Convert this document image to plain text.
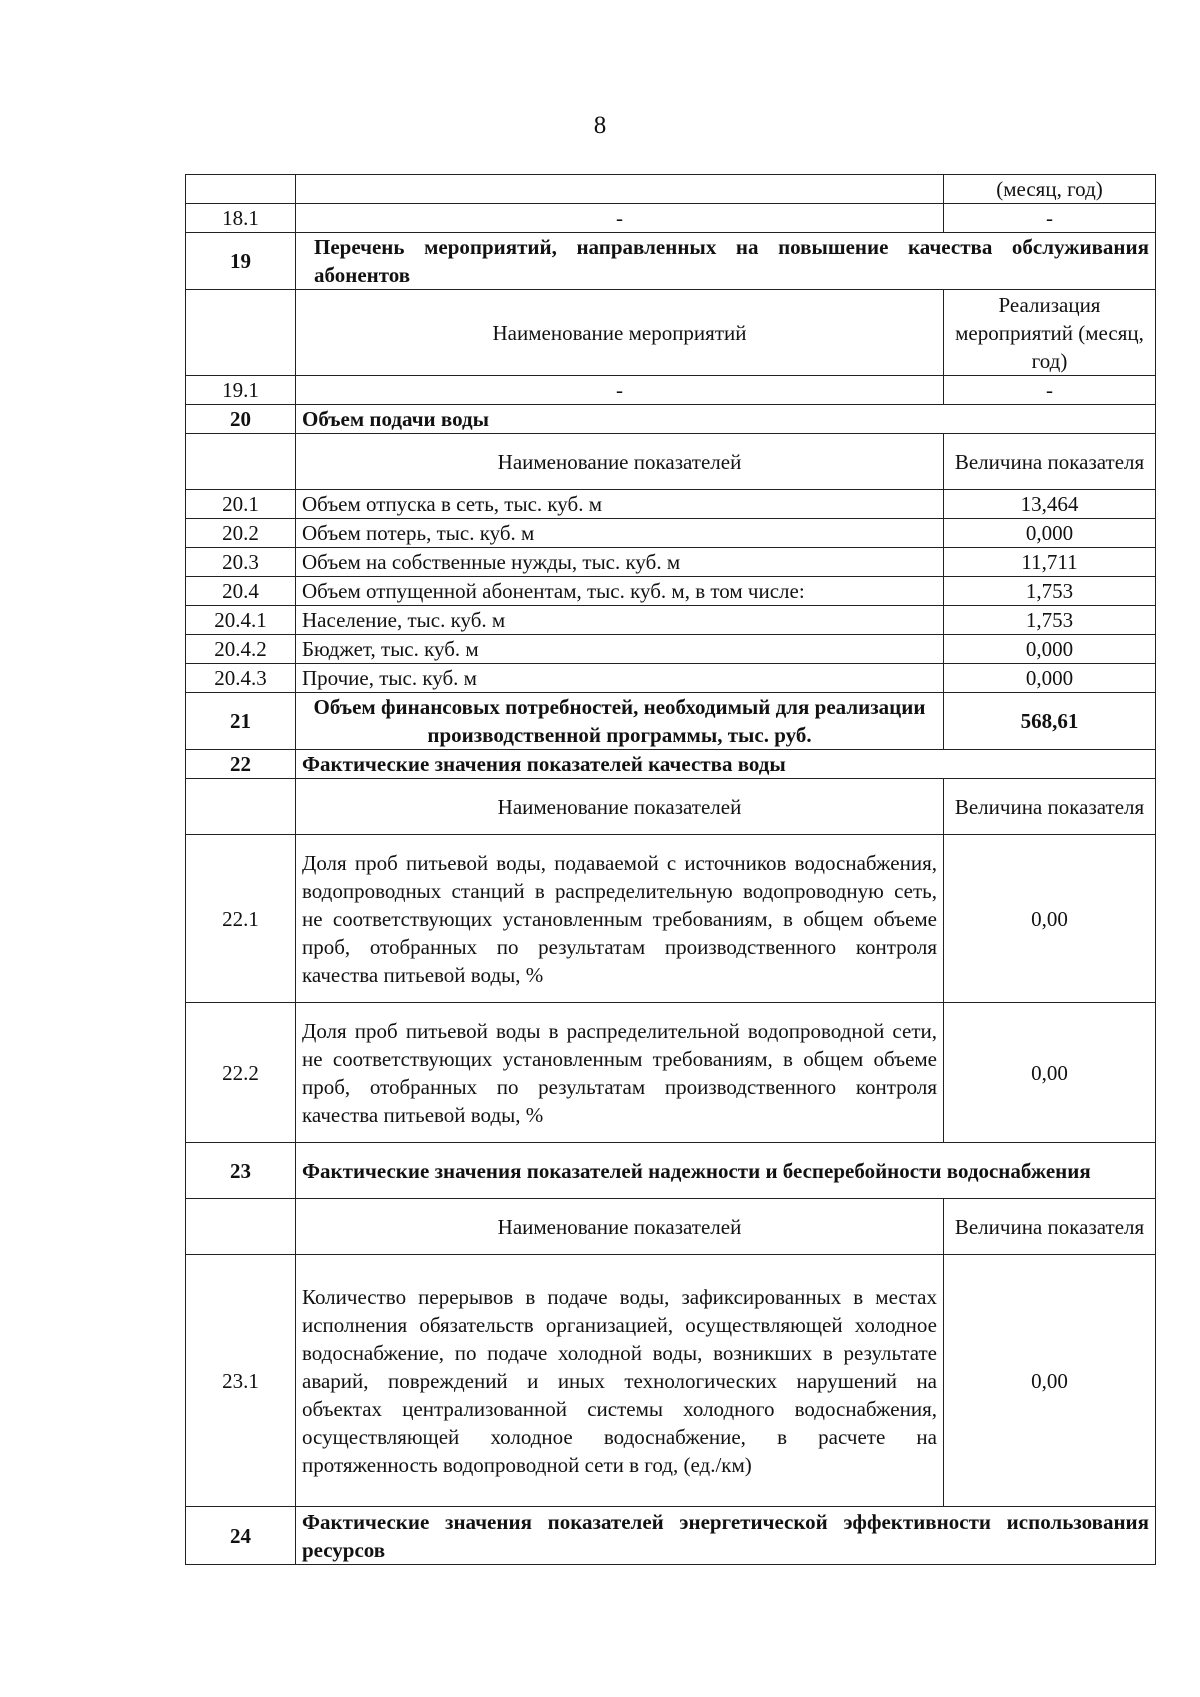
8
		(месяц, год)
18.1	-	-
19	Перечень мероприятий, направленных на повышение качества обслуживания абонентов	
	Наименование мероприятий	Реализация мероприятий (месяц, год)
19.1	-	-
20	Объем подачи воды	
	Наименование показателей	Величина показателя
20.1	Объем отпуска в сеть, тыс. куб. м	13,464
20.2	Объем потерь, тыс. куб. м	0,000
20.3	Объем на собственные нужды, тыс. куб. м	11,711
20.4	Объем отпущенной абонентам, тыс. куб. м, в том числе:	1,753
20.4.1	Население, тыс. куб. м	1,753
20.4.2	Бюджет, тыс. куб. м	0,000
20.4.3	Прочие, тыс. куб. м	0,000
21	Объем финансовых потребностей, необходимый для реализации производственной программы, тыс. руб.	568,61
22	Фактические значения показателей качества воды	
	Наименование показателей	Величина показателя
22.1	Доля проб питьевой воды, подаваемой с источников водоснабжения, водопроводных станций в распределительную водопроводную сеть, не соответствующих установленным требованиям, в общем объеме проб, отобранных по результатам производственного контроля качества питьевой воды, %	0,00
22.2	Доля проб питьевой воды в распределительной водопроводной сети, не соответствующих установленным требованиям, в общем объеме проб, отобранных по результатам производственного контроля качества питьевой воды, %	0,00
23	Фактические значения показателей надежности и бесперебойности водоснабжения	
	Наименование показателей	Величина показателя
23.1	Количество перерывов в подаче воды, зафиксированных в местах исполнения обязательств организацией, осуществляющей холодное водоснабжение, по подаче холодной воды, возникших в результате аварий, повреждений и иных технологических нарушений на объектах централизованной системы холодного водоснабжения, осуществляющей холодное водоснабжение, в расчете на протяженность водопроводной сети в год, (ед./км)	0,00
24	Фактические значения показателей энергетической эффективности использования ресурсов	
